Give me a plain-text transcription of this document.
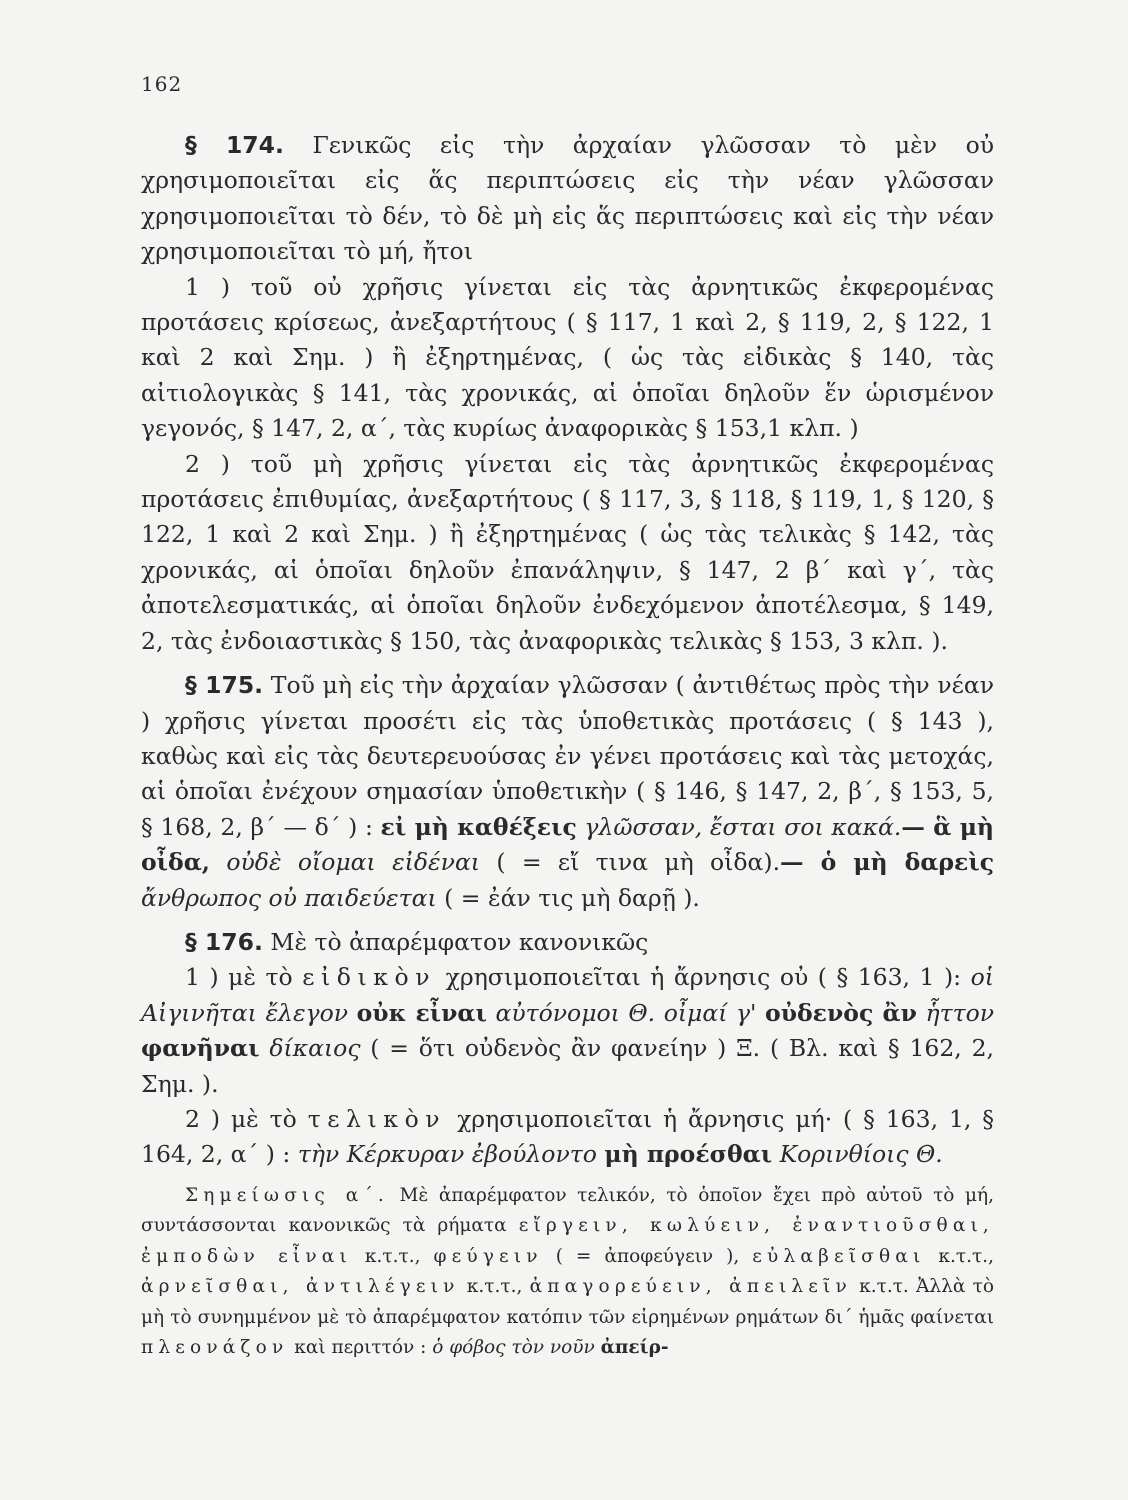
162

§ 174. Γενικῶς εἰς τὴν ἀρχαίαν γλῶσσαν τὸ μὲν οὐ χρησιμοποιεῖται εἰς ἅς περιπτώσεις εἰς τὴν νέαν γλῶσσαν χρησιμοποιεῖται τὸ δέν, τὸ δὲ μὴ εἰς ἅς περιπτώσεις καὶ εἰς τὴν νέαν χρησιμοποιεῖται τὸ μή, ἤτοι

1 ) τοῦ οὐ χρῆσις γίνεται εἰς τὰς ἀρνητικῶς ἐκφερομένας προτάσεις κρίσεως, ἀνεξαρτήτους ( § 117, 1 καὶ 2, § 119, 2, § 122, 1 καὶ 2 καὶ Σημ. ) ἢ ἐξηρτημένας, ( ὡς τὰς εἰδικὰς § 140, τὰς αἰτιολογικὰς § 141, τὰς χρονικάς, αἱ ὁποῖαι δηλοῦν ἕν ὡρισμένον γεγονός, § 147, 2, α΄, τὰς κυρίως ἀναφορικὰς § 153,1 κλπ. )

2 ) τοῦ μὴ χρῆσις γίνεται εἰς τὰς ἀρνητικῶς ἐκφερομένας προτάσεις ἐπιθυμίας, ἀνεξαρτήτους ( § 117, 3, § 118, § 119, 1, § 120, § 122, 1 καὶ 2 καὶ Σημ. ) ἢ ἐξηρτημένας ( ὡς τὰς τελικὰς § 142, τὰς χρονικάς, αἱ ὁποῖαι δηλοῦν ἐπανάληψιν, § 147, 2 β΄ καὶ γ΄, τὰς ἀποτελεσματικάς, αἱ ὁποῖαι δηλοῦν ἐνδεχόμενον ἀποτέλεσμα, § 149, 2, τὰς ἐνδοιαστικὰς § 150, τὰς ἀναφορικὰς τελικὰς § 153, 3 κλπ. ).

§ 175. Τοῦ μὴ εἰς τὴν ἀρχαίαν γλῶσσαν ( ἀντιθέτως πρὸς τὴν νέαν ) χρῆσις γίνεται προσέτι εἰς τὰς ὑποθετικὰς προτάσεις ( § 143 ), καθὼς καὶ εἰς τὰς δευτερευούσας ἐν γένει προτάσεις καὶ τὰς μετοχάς, αἱ ὁποῖαι ἐνέχουν σημασίαν ὑποθετικὴν ( § 146, § 147, 2, β΄, § 153, 5, § 168, 2, β΄ — δ΄ ) : εἰ μὴ καθέξεις γλῶσσαν, ἔσται σοι κακά.— ἃ μὴ οἶδα, οὐδὲ οἴομαι εἰδέναι ( = εἴ τινα μὴ οἶδα).— ὁ μὴ δαρεὶς ἄνθρωπος οὐ παιδεύεται ( = ἐάν τις μὴ δαρῇ ).

§ 176. Μὲ τὸ ἀπαρέμφατον κανονικῶς

1 ) μὲ τὸ εἰδικὸν χρησιμοποιεῖται ἡ ἄρνησις οὐ ( § 163, 1 ): οἱ Αἰγινῆται ἔλεγον οὐκ εἶναι αὐτόνομοι Θ. οἶμαί γ' οὐδενὸς ἂν ἧττον φανῆναι δίκαιος ( = ὅτι οὐδενὸς ἂν φανείην ) Ξ. ( Βλ. καὶ § 162, 2, Σημ. ).

2 ) μὲ τὸ τελικὸν χρησιμοποιεῖται ἡ ἄρνησις μή· ( § 163, 1, § 164, 2, α΄ ) : τὴν Κέρκυραν ἐβούλοντο μὴ προέσθαι Κορινθίοις Θ.

Σημείωσις α΄. Μὲ ἀπαρέμφατον τελικόν, τὸ ὁποῖον ἔχει πρὸ αὐτοῦ τὸ μή, συντάσσονται κανονικῶς τὰ ρήματα εἴργειν, κωλύειν, ἐναντιοῦσθαι, ἐμποδὼν εἶναι κ.τ.τ., φεύγειν ( = ἀποφεύγειν ), εὐλαβεῖσθαι κ.τ.τ., ἀρνεῖσθαι, ἀντιλέγειν κ.τ.τ., ἀπαγορεύειν, ἀπειλεῖν κ.τ.τ. Ἀλλὰ τὸ μὴ τὸ συνημμένον μὲ τὸ ἀπαρέμφατον κατόπιν τῶν εἰρημένων ρημάτων δι΄ ἡμᾶς φαίνεται πλεονάζον καὶ περιττόν : ὁ φόβος τὸν νοῦν ἀπείρ-
